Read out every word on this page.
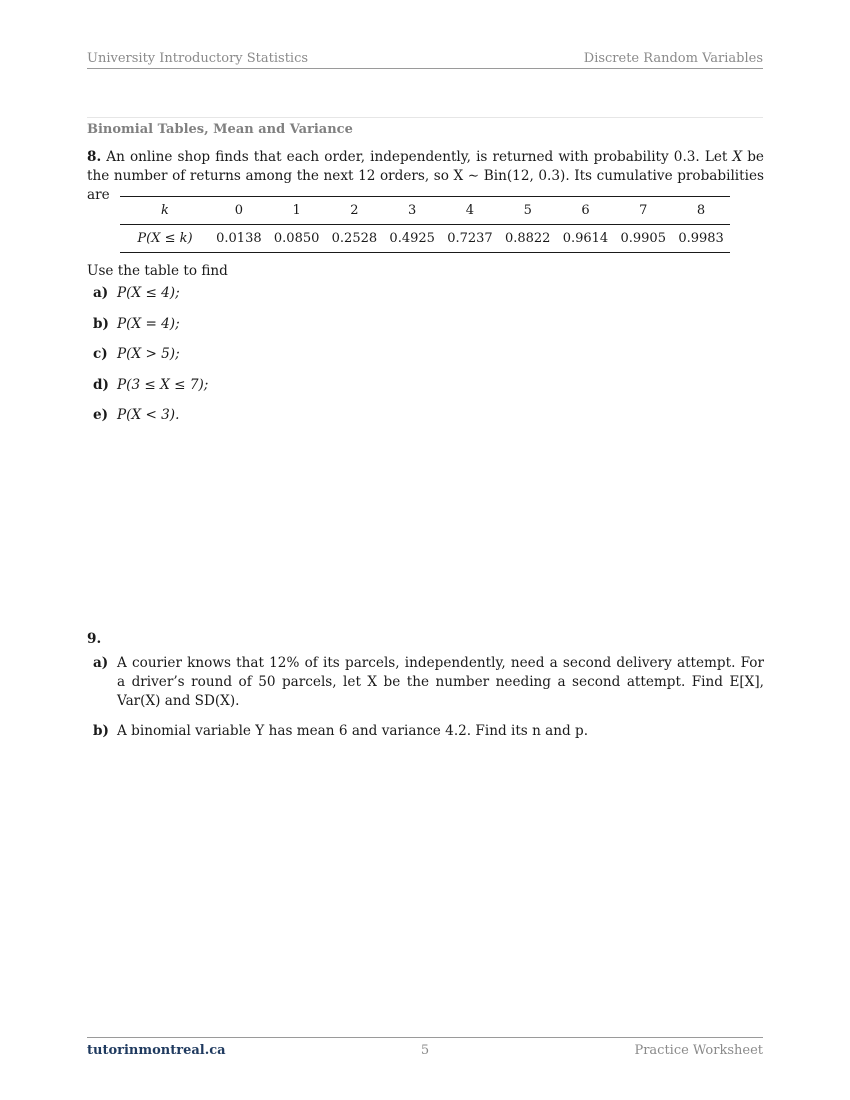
University Introductory Statistics	Discrete Random Variables
Binomial Tables, Mean and Variance
8. An online shop finds that each order, independently, is returned with probability 0.3. Let X be the number of returns among the next 12 orders, so X ∼ Bin(12, 0.3). Its cumulative probabilities are
k	0	1	2	3	4	5	6	7	8
P(X ≤ k)	0.0138	0.0850	0.2528	0.4925	0.7237	0.8822	0.9614	0.9905	0.9983
Use the table to find
a) P(X ≤ 4);
b) P(X = 4);
c) P(X > 5);
d) P(3 ≤ X ≤ 7);
e) P(X < 3).
9.
a) A courier knows that 12% of its parcels, independently, need a second delivery attempt. For a driver’s round of 50 parcels, let X be the number needing a second attempt. Find E[X], Var(X) and SD(X).
b) A binomial variable Y has mean 6 and variance 4.2. Find its n and p.
tutorinmontreal.ca	5	Practice Worksheet
